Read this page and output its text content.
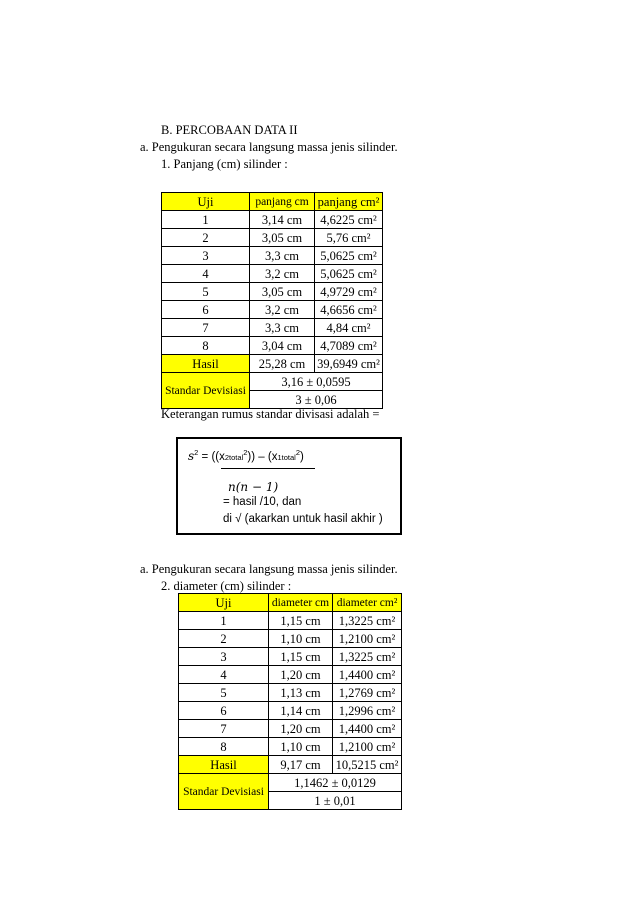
B. PERCOBAAN DATA II
a. Pengukuran secara langsung massa jenis silinder.
1. Panjang (cm) silinder :
Uji	panjang cm	panjang cm²
1	3,14 cm	4,6225 cm²
2	3,05 cm	5,76 cm²
3	3,3 cm	5,0625 cm²
4	3,2 cm	5,0625 cm²
5	3,05 cm	4,9729 cm²
6	3,2 cm	4,6656 cm²
7	3,3 cm	4,84 cm²
8	3,04 cm	4,7089 cm²
Hasil	25,28 cm	39,6949 cm²
Standar Devisiasi	3,16 ± 0,0595	
	3 ± 0,06	
Keterangan rumus standar divisasi adalah =
$s^2$ = ((x2total$^2$)) – (x1total$^2$)
n(n − 1)
= hasil /10, dan
di √ (akarkan untuk hasil akhir )
a. Pengukuran secara langsung massa jenis silinder.
2. diameter (cm) silinder :
Uji	diameter cm	diameter cm²
1	1,15 cm	1,3225 cm²
2	1,10 cm	1,2100 cm²
3	1,15 cm	1,3225 cm²
4	1,20 cm	1,4400 cm²
5	1,13 cm	1,2769 cm²
6	1,14 cm	1,2996 cm²
7	1,20 cm	1,4400 cm²
8	1,10 cm	1,2100 cm²
Hasil	9,17 cm	10,5215 cm²
Standar Devisiasi	1,1462 ± 0,0129	
	1 ± 0,01	
